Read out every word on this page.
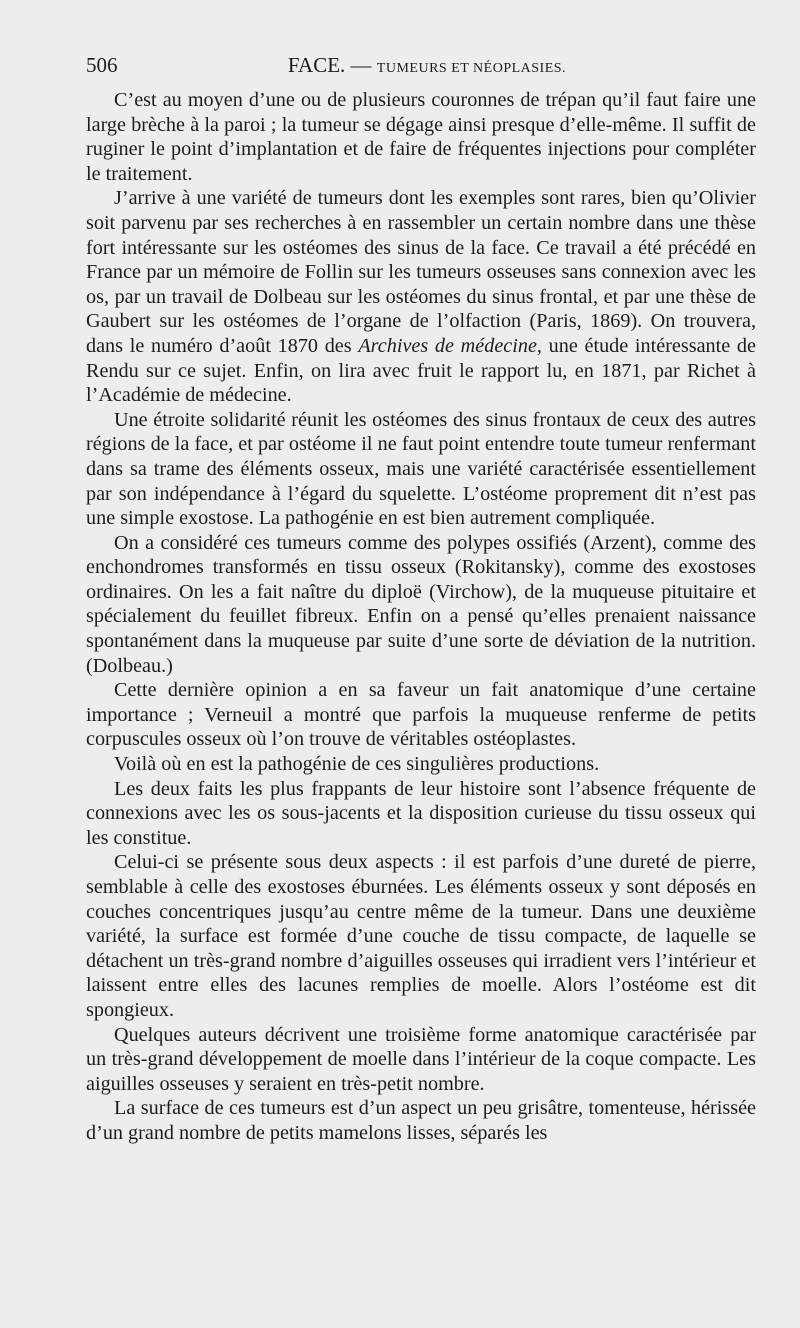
506	FACE. — TUMEURS ET NÉOPLASIES.

C’est au moyen d’une ou de plusieurs couronnes de trépan qu’il faut faire une large brèche à la paroi ; la tumeur se dégage ainsi presque d’elle-même. Il suffit de ruginer le point d’implantation et de faire de fréquentes injections pour compléter le traitement.

J’arrive à une variété de tumeurs dont les exemples sont rares, bien qu’Olivier soit parvenu par ses recherches à en rassembler un certain nombre dans une thèse fort intéressante sur les ostéomes des sinus de la face. Ce travail a été précédé en France par un mémoire de Follin sur les tumeurs osseuses sans connexion avec les os, par un travail de Dolbeau sur les ostéomes du sinus frontal, et par une thèse de Gaubert sur les ostéomes de l’organe de l’olfaction (Paris, 1869). On trouvera, dans le numéro d’août 1870 des Archives de médecine, une étude intéressante de Rendu sur ce sujet. Enfin, on lira avec fruit le rapport lu, en 1871, par Richet à l’Académie de médecine.

Une étroite solidarité réunit les ostéomes des sinus frontaux de ceux des autres régions de la face, et par ostéome il ne faut point entendre toute tumeur renfermant dans sa trame des éléments osseux, mais une variété caractérisée essentiellement par son indépendance à l’égard du squelette. L’ostéome proprement dit n’est pas une simple exostose. La pathogénie en est bien autrement compliquée.

On a considéré ces tumeurs comme des polypes ossifiés (Arzent), comme des enchondromes transformés en tissu osseux (Rokitansky), comme des exostoses ordinaires. On les a fait naître du diploë (Virchow), de la muqueuse pituitaire et spécialement du feuillet fibreux. Enfin on a pensé qu’elles prenaient naissance spontanément dans la muqueuse par suite d’une sorte de déviation de la nutrition. (Dolbeau.)

Cette dernière opinion a en sa faveur un fait anatomique d’une certaine importance ; Verneuil a montré que parfois la muqueuse renferme de petits corpuscules osseux où l’on trouve de véritables ostéoplastes.

Voilà où en est la pathogénie de ces singulières productions.

Les deux faits les plus frappants de leur histoire sont l’absence fréquente de connexions avec les os sous-jacents et la disposition curieuse du tissu osseux qui les constitue.

Celui-ci se présente sous deux aspects : il est parfois d’une dureté de pierre, semblable à celle des exostoses éburnées. Les éléments osseux y sont déposés en couches concentriques jusqu’au centre même de la tumeur. Dans une deuxième variété, la surface est formée d’une couche de tissu compacte, de laquelle se détachent un très-grand nombre d’aiguilles osseuses qui irradient vers l’intérieur et laissent entre elles des lacunes remplies de moelle. Alors l’ostéome est dit spongieux.

Quelques auteurs décrivent une troisième forme anatomique caractérisée par un très-grand développement de moelle dans l’intérieur de la coque compacte. Les aiguilles osseuses y seraient en très-petit nombre.

La surface de ces tumeurs est d’un aspect un peu grisâtre, tomenteuse, hérissée d’un grand nombre de petits mamelons lisses, séparés les
